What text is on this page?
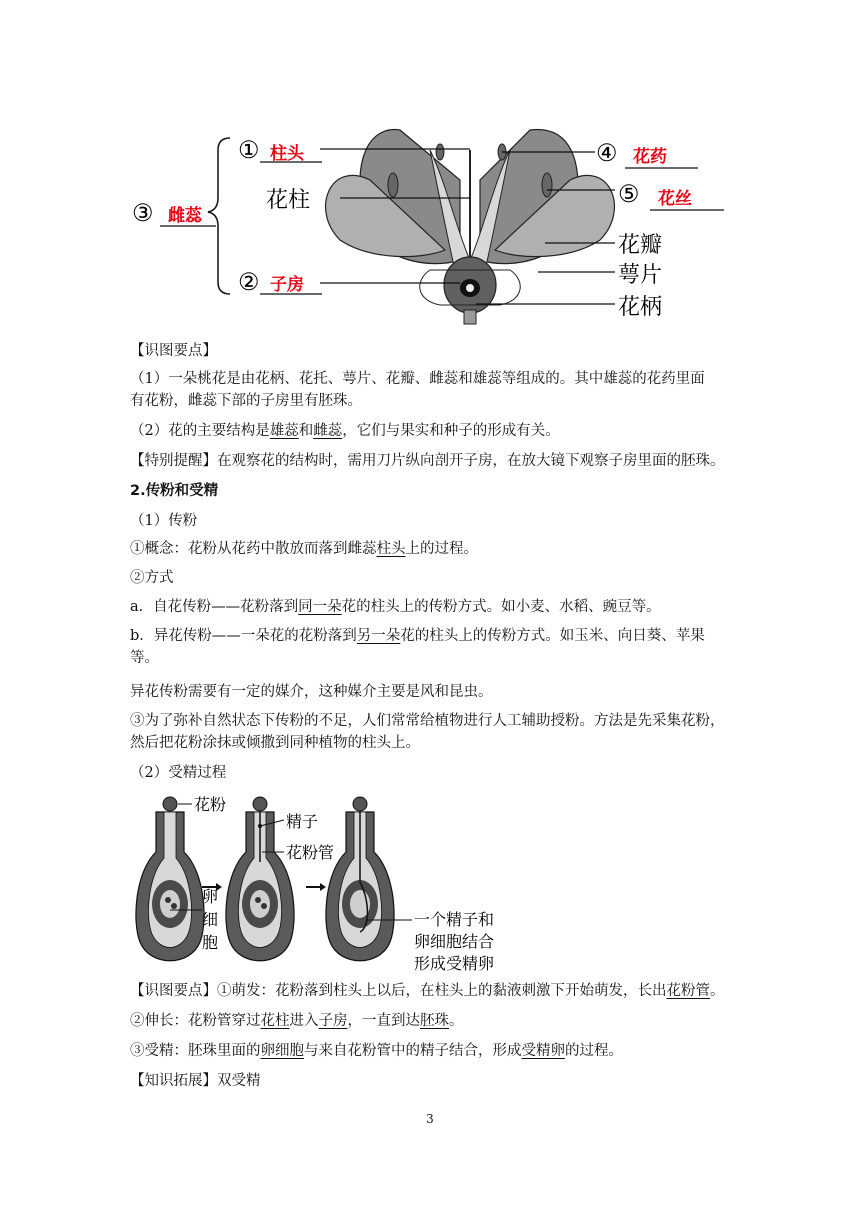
① 柱头
花柱
③ 雌蕊
② 子房
④ 花药
⑤ 花丝
花瓣
萼片
花柄

【识图要点】

（1）一朵桃花是由花柄、花托、萼片、花瓣、雌蕊和雄蕊等组成的。其中雄蕊的花药里面
有花粉，雌蕊下部的子房里有胚珠。

（2）花的主要结构是雄蕊和雌蕊，它们与果实和种子的形成有关。

【特别提醒】在观察花的结构时，需用刀片纵向剖开子房，在放大镜下观察子房里面的胚珠。

2.传粉和受精

（1）传粉

①概念：花粉从花药中散放而落到雌蕊柱头上的过程。

②方式

a．自花传粉——花粉落到同一朵花的柱头上的传粉方式。如小麦、水稻、豌豆等。

b．异花传粉——一朵花的花粉落到另一朵花的柱头上的传粉方式。如玉米、向日葵、苹果
等。

异花传粉需要有一定的媒介，这种媒介主要是风和昆虫。

③为了弥补自然状态下传粉的不足，人们常常给植物进行人工辅助授粉。方法是先采集花粉，
然后把花粉涂抹或倾撒到同种植物的柱头上。

（2）受精过程

花粉
精子
花粉管
卵
细
胞
一个精子和
卵细胞结合
形成受精卵

【识图要点】①萌发：花粉落到柱头上以后，在柱头上的黏液刺激下开始萌发，长出花粉管。

②伸长：花粉管穿过花柱进入子房，一直到达胚珠。

③受精：胚珠里面的卵细胞与来自花粉管中的精子结合，形成受精卵的过程。

【知识拓展】双受精

3
